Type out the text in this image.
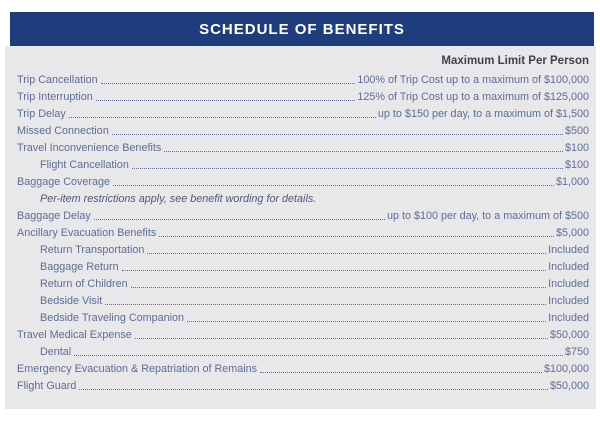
SCHEDULE OF BENEFITS
Maximum Limit Per Person
Trip Cancellation	100% of Trip Cost up to a maximum of $100,000
Trip Interruption	125% of Trip Cost up to a maximum of $125,000
Trip Delay	up to $150 per day, to a maximum of $1,500
Missed Connection	$500
Travel Inconvenience Benefits	$100
Flight Cancellation	$100
Baggage Coverage	$1,000
Per-item restrictions apply, see benefit wording for details.
Baggage Delay	up to $100 per day, to a maximum of $500
Ancillary Evacuation Benefits	$5,000
Return Transportation	Included
Baggage Return	Included
Return of Children	Included
Bedside Visit	Included
Bedside Traveling Companion	Included
Travel Medical Expense	$50,000
Dental	$750
Emergency Evacuation & Repatriation of Remains	$100,000
Flight Guard	$50,000
